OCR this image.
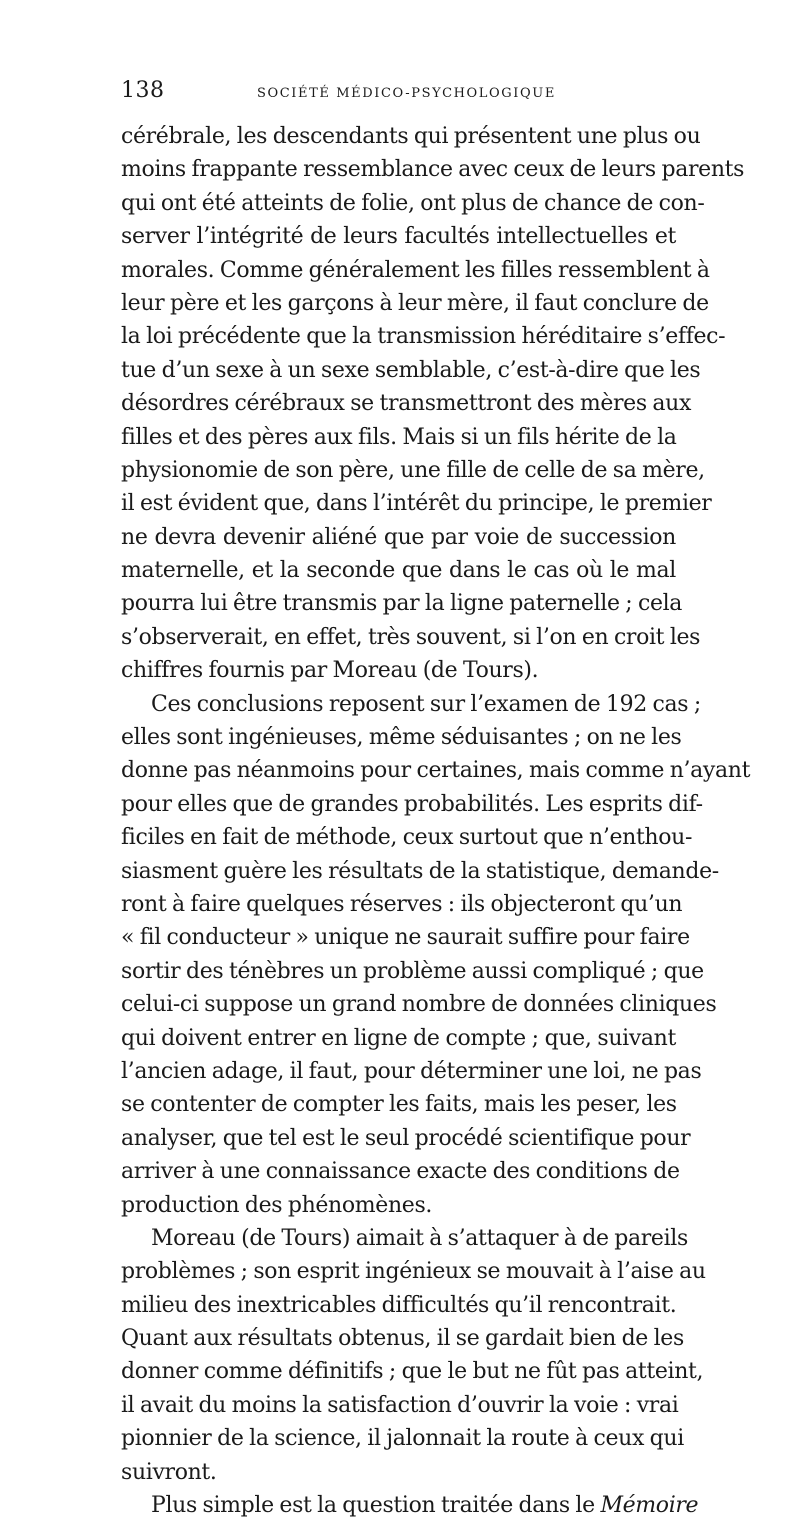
138	SOCIÉTÉ MÉDICO-PSYCHOLOGIQUE
cérébrale, les descendants qui présentent une plus ou
moins frappante ressemblance avec ceux de leurs parents
qui ont été atteints de folie, ont plus de chance de con-
server l’intégrité de leurs facultés intellectuelles et
morales. Comme généralement les filles ressemblent à
leur père et les garçons à leur mère, il faut conclure de
la loi précédente que la transmission héréditaire s’effec-
tue d’un sexe à un sexe semblable, c’est-à-dire que les
désordres cérébraux se transmettront des mères aux
filles et des pères aux fils. Mais si un fils hérite de la
physionomie de son père, une fille de celle de sa mère,
il est évident que, dans l’intérêt du principe, le premier
ne devra devenir aliéné que par voie de succession
maternelle, et la seconde que dans le cas où le mal
pourra lui être transmis par la ligne paternelle ; cela
s’observerait, en effet, très souvent, si l’on en croit les
chiffres fournis par Moreau (de Tours).
Ces conclusions reposent sur l’examen de 192 cas ;
elles sont ingénieuses, même séduisantes ; on ne les
donne pas néanmoins pour certaines, mais comme n’ayant
pour elles que de grandes probabilités. Les esprits dif-
ficiles en fait de méthode, ceux surtout que n’enthou-
siasment guère les résultats de la statistique, demande-
ront à faire quelques réserves : ils objecteront qu’un
« fil conducteur » unique ne saurait suffire pour faire
sortir des ténèbres un problème aussi compliqué ; que
celui-ci suppose un grand nombre de données cliniques
qui doivent entrer en ligne de compte ; que, suivant
l’ancien adage, il faut, pour déterminer une loi, ne pas
se contenter de compter les faits, mais les peser, les
analyser, que tel est le seul procédé scientifique pour
arriver à une connaissance exacte des conditions de
production des phénomènes.
Moreau (de Tours) aimait à s’attaquer à de pareils
problèmes ; son esprit ingénieux se mouvait à l’aise au
milieu des inextricables difficultés qu’il rencontrait.
Quant aux résultats obtenus, il se gardait bien de les
donner comme définitifs ; que le but ne fût pas atteint,
il avait du moins la satisfaction d’ouvrir la voie : vrai
pionnier de la science, il jalonnait la route à ceux qui
suivront.
Plus simple est la question traitée dans le Mémoire
